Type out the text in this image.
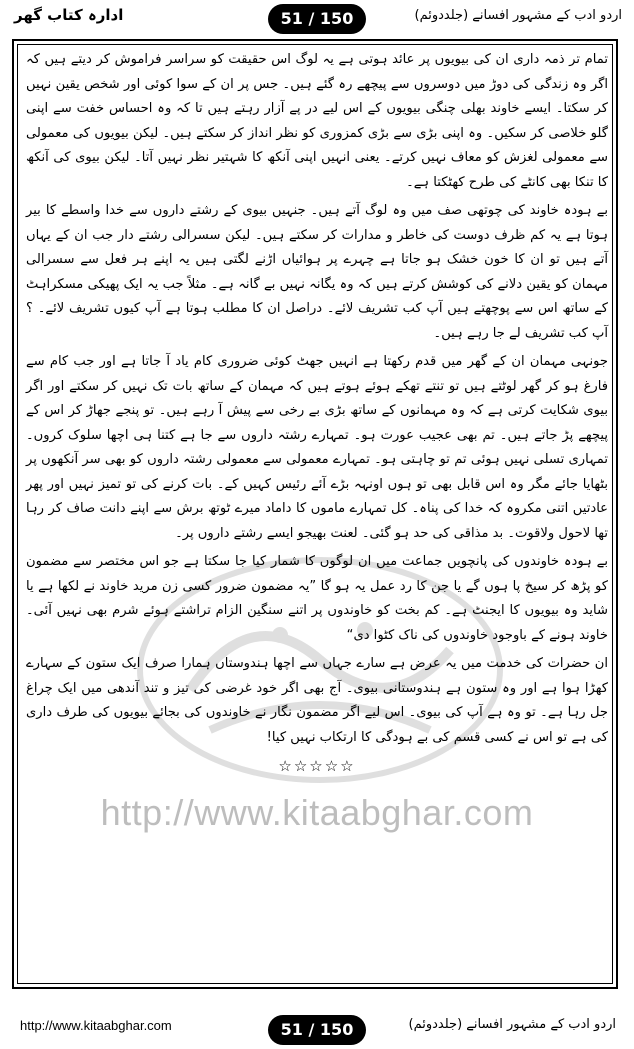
ادارہ کتاب گھر	51 / 150	اردو ادب کے مشہور افسانے (جلددوئم)

تمام تر ذمہ داری ان کی بیویوں پر عائد ہوتی ہے یہ لوگ اس حقیقت کو سراسر فراموش کر دیتے ہیں کہ اگر وہ زندگی کی دوڑ میں دوسروں سے پیچھے رہ گئے ہیں۔ جس پر ان کے سوا کوئی اور شخص یقین نہیں کر سکتا۔ ایسے خاوند بھلی چنگی بیویوں کے اس لیے در پے آزار رہتے ہیں تا کہ وہ احساس خفت سے اپنی گلو خلاصی کر سکیں۔ وہ اپنی بڑی سے بڑی کمزوری کو نظر انداز کر سکتے ہیں۔ لیکن بیویوں کی معمولی سے معمولی لغزش کو معاف نہیں کرتے۔ یعنی انہیں اپنی آنکھ کا شہتیر نظر نہیں آتا۔ لیکن بیوی کی آنکھ کا تنکا بھی کانٹے کی طرح کھٹکتا ہے۔

بے ہودہ خاوند کی چوتھی صف میں وہ لوگ آتے ہیں۔ جنہیں بیوی کے رشتے داروں سے خدا واسطے کا بیر ہوتا ہے یہ کم ظرف دوست کی خاطر و مدارات کر سکتے ہیں۔ لیکن سسرالی رشتے دار جب ان کے یہاں آتے ہیں تو ان کا خون خشک ہو جاتا ہے چہرے پر ہوائیاں اڑنے لگتی ہیں یہ اپنے ہر فعل سے سسرالی مہمان کو یقین دلانے کی کوشش کرتے ہیں کہ وہ یگانہ نہیں بے گانہ ہے۔ مثلاً جب یہ ایک پھیکی مسکراہٹ کے ساتھ اس سے پوچھتے ہیں آپ کب تشریف لائے۔ دراصل ان کا مطلب ہوتا ہے آپ کیوں تشریف لائے۔ ؟ آپ کب تشریف لے جا رہے ہیں۔

جونہی مہمان ان کے گھر میں قدم رکھتا ہے انہیں جھٹ کوئی ضروری کام یاد آ جاتا ہے اور جب کام سے فارغ ہو کر گھر لوٹتے ہیں تو تنتے تھکے ہوئے ہوتے ہیں کہ مہمان کے ساتھ بات تک نہیں کر سکتے اور اگر بیوی شکایت کرتی ہے کہ وہ مہمانوں کے ساتھ بڑی بے رخی سے پیش آ رہے ہیں۔ تو پنجے جھاڑ کر اس کے پیچھے پڑ جاتے ہیں۔ تم بھی عجیب عورت ہو۔ تمہارے رشتہ داروں سے جا ہے کتنا ہی اچھا سلوک کروں۔ تمہاری تسلی نہیں ہوئی تم تو چاہتی ہو۔ تمہارے معمولی سے معمولی رشتہ داروں کو بھی سر آنکھوں پر بٹھایا جائے مگر وہ اس قابل بھی تو ہوں اونہہ بڑے آئے رئیس کہیں کے۔ بات کرنے کی تو تمیز نہیں اور پھر عادتیں اتنی مکروہ کہ خدا کی پناہ۔ کل تمہارے ماموں کا داماد میرے ٹوتھ برش سے اپنے دانت صاف کر رہا تھا لاحول ولاقوت۔ بد مذاقی کی حد ہو گئی۔ لعنت بھیجو ایسے رشتے داروں پر۔

بے ہودہ خاوندوں کی پانچویں جماعت میں ان لوگوں کا شمار کیا جا سکتا ہے جو اس مختصر سے مضمون کو پڑھ کر سیخ پا ہوں گے یا جن کا رد عمل یہ ہو گا ”یہ مضمون ضرور کسی زن مرید خاوند نے لکھا ہے یا شاید وہ بیویوں کا ایجنٹ ہے۔ کم بخت کو خاوندوں پر اتنے سنگین الزام تراشتے ہوئے شرم بھی نہیں آئی۔ خاوند ہونے کے باوجود خاوندوں کی ناک کٹوا دی“

ان حضرات کی خدمت میں یہ عرض ہے سارے جہاں سے اچھا ہندوستاں ہمارا صرف ایک ستون کے سہارے کھڑا ہوا ہے اور وہ ستون ہے ہندوستانی بیوی۔ آج بھی اگر خود غرضی کی تیز و تند آندھی میں ایک چراغ جل رہا ہے۔ تو وہ ہے آپ کی بیوی۔ اس لیے اگر مضمون نگار نے خاوندوں کی بجائے بیویوں کی طرف داری کی ہے تو اس نے کسی قسم کی بے ہودگی کا ارتکاب نہیں کیا!

☆☆☆☆☆
http://www.kitaabghar.com
http://www.kitaabghar.com	51 / 150	اردو ادب کے مشہور افسانے (جلددوئم)
